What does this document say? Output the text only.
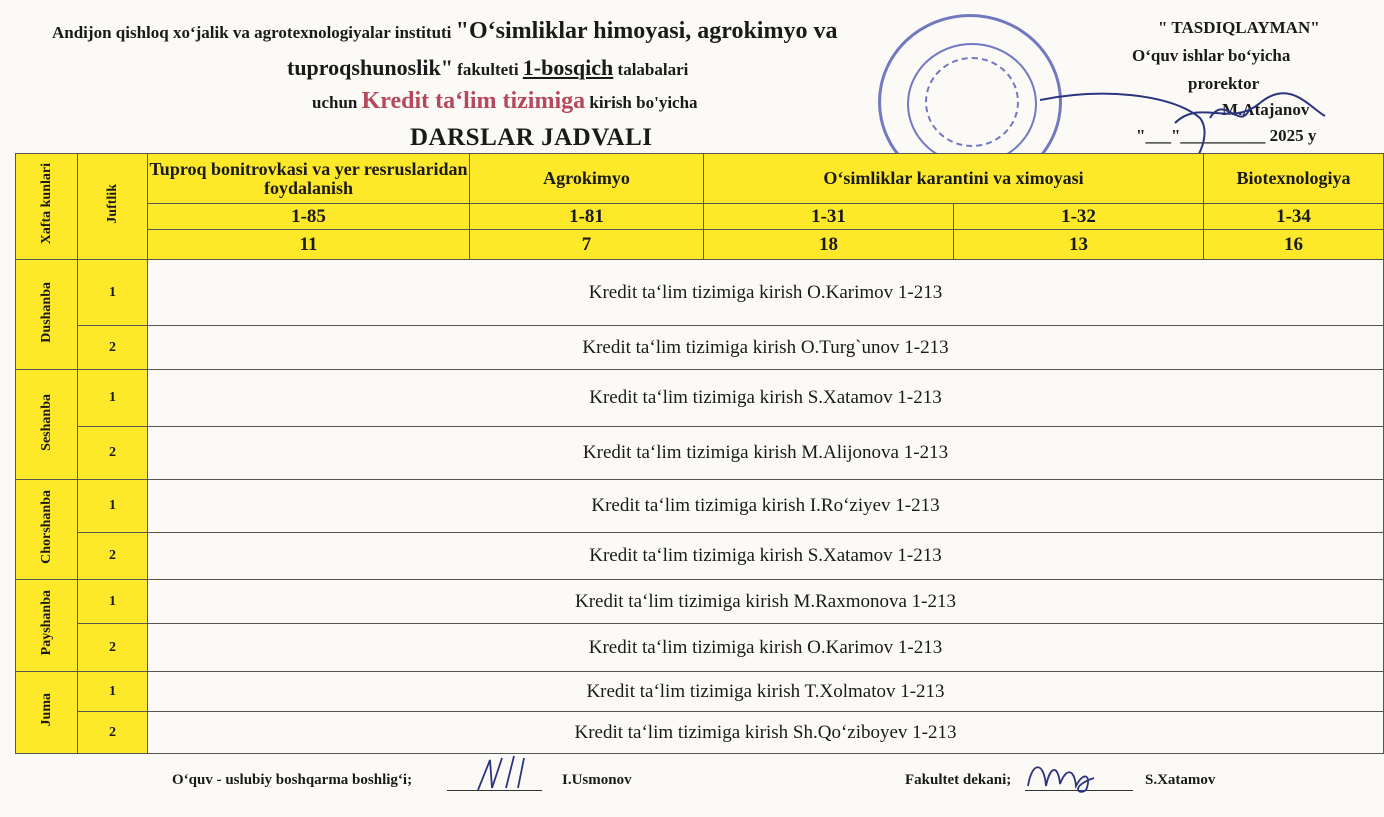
Andijon qishloq xo‘jalik va agrotexnologiyalar instituti "O‘simliklar himoyasi, agrokimyo va
tuproqshunoslik" fakulteti 1-bosqich talabalari
uchun Kredit ta‘lim tizimiga kirish bo'yicha
DARSLAR JADVALI
" TASDIQLAYMAN"
O‘quv ishlar bo‘yicha
prorektor
M.Atajanov
"___"__________ 2025 y
Xafta kunlari	Juftlik	Tuproq bonitrovkasi va yer resruslaridan foydalanish	Agrokimyo	O‘simliklar karantini va ximoyasi		Biotexnologiya
		1-85	1-81	1-31	1-32	1-34
		11	7	18	13	16
Dushanba	1	Kredit ta‘lim tizimiga kirish O.Karimov 1-213				
	2	Kredit ta‘lim tizimiga kirish O.Turg`unov 1-213				
Seshanba	1	Kredit ta‘lim tizimiga kirish S.Xatamov 1-213				
	2	Kredit ta‘lim tizimiga kirish M.Alijonova 1-213				
Chorshanba	1	Kredit ta‘lim tizimiga kirish I.Ro‘ziyev 1-213				
	2	Kredit ta‘lim tizimiga kirish S.Xatamov 1-213				
Payshanba	1	Kredit ta‘lim tizimiga kirish M.Raxmonova 1-213				
	2	Kredit ta‘lim tizimiga kirish O.Karimov 1-213				
Juma	1	Kredit ta‘lim tizimiga kirish T.Xolmatov 1-213				
	2	Kredit ta‘lim tizimiga kirish Sh.Qo‘ziboyev 1-213				
O‘quv - uslubiy boshqarma boshlig‘i;	I.Usmonov	Fakultet dekani;	S.Xatamov
